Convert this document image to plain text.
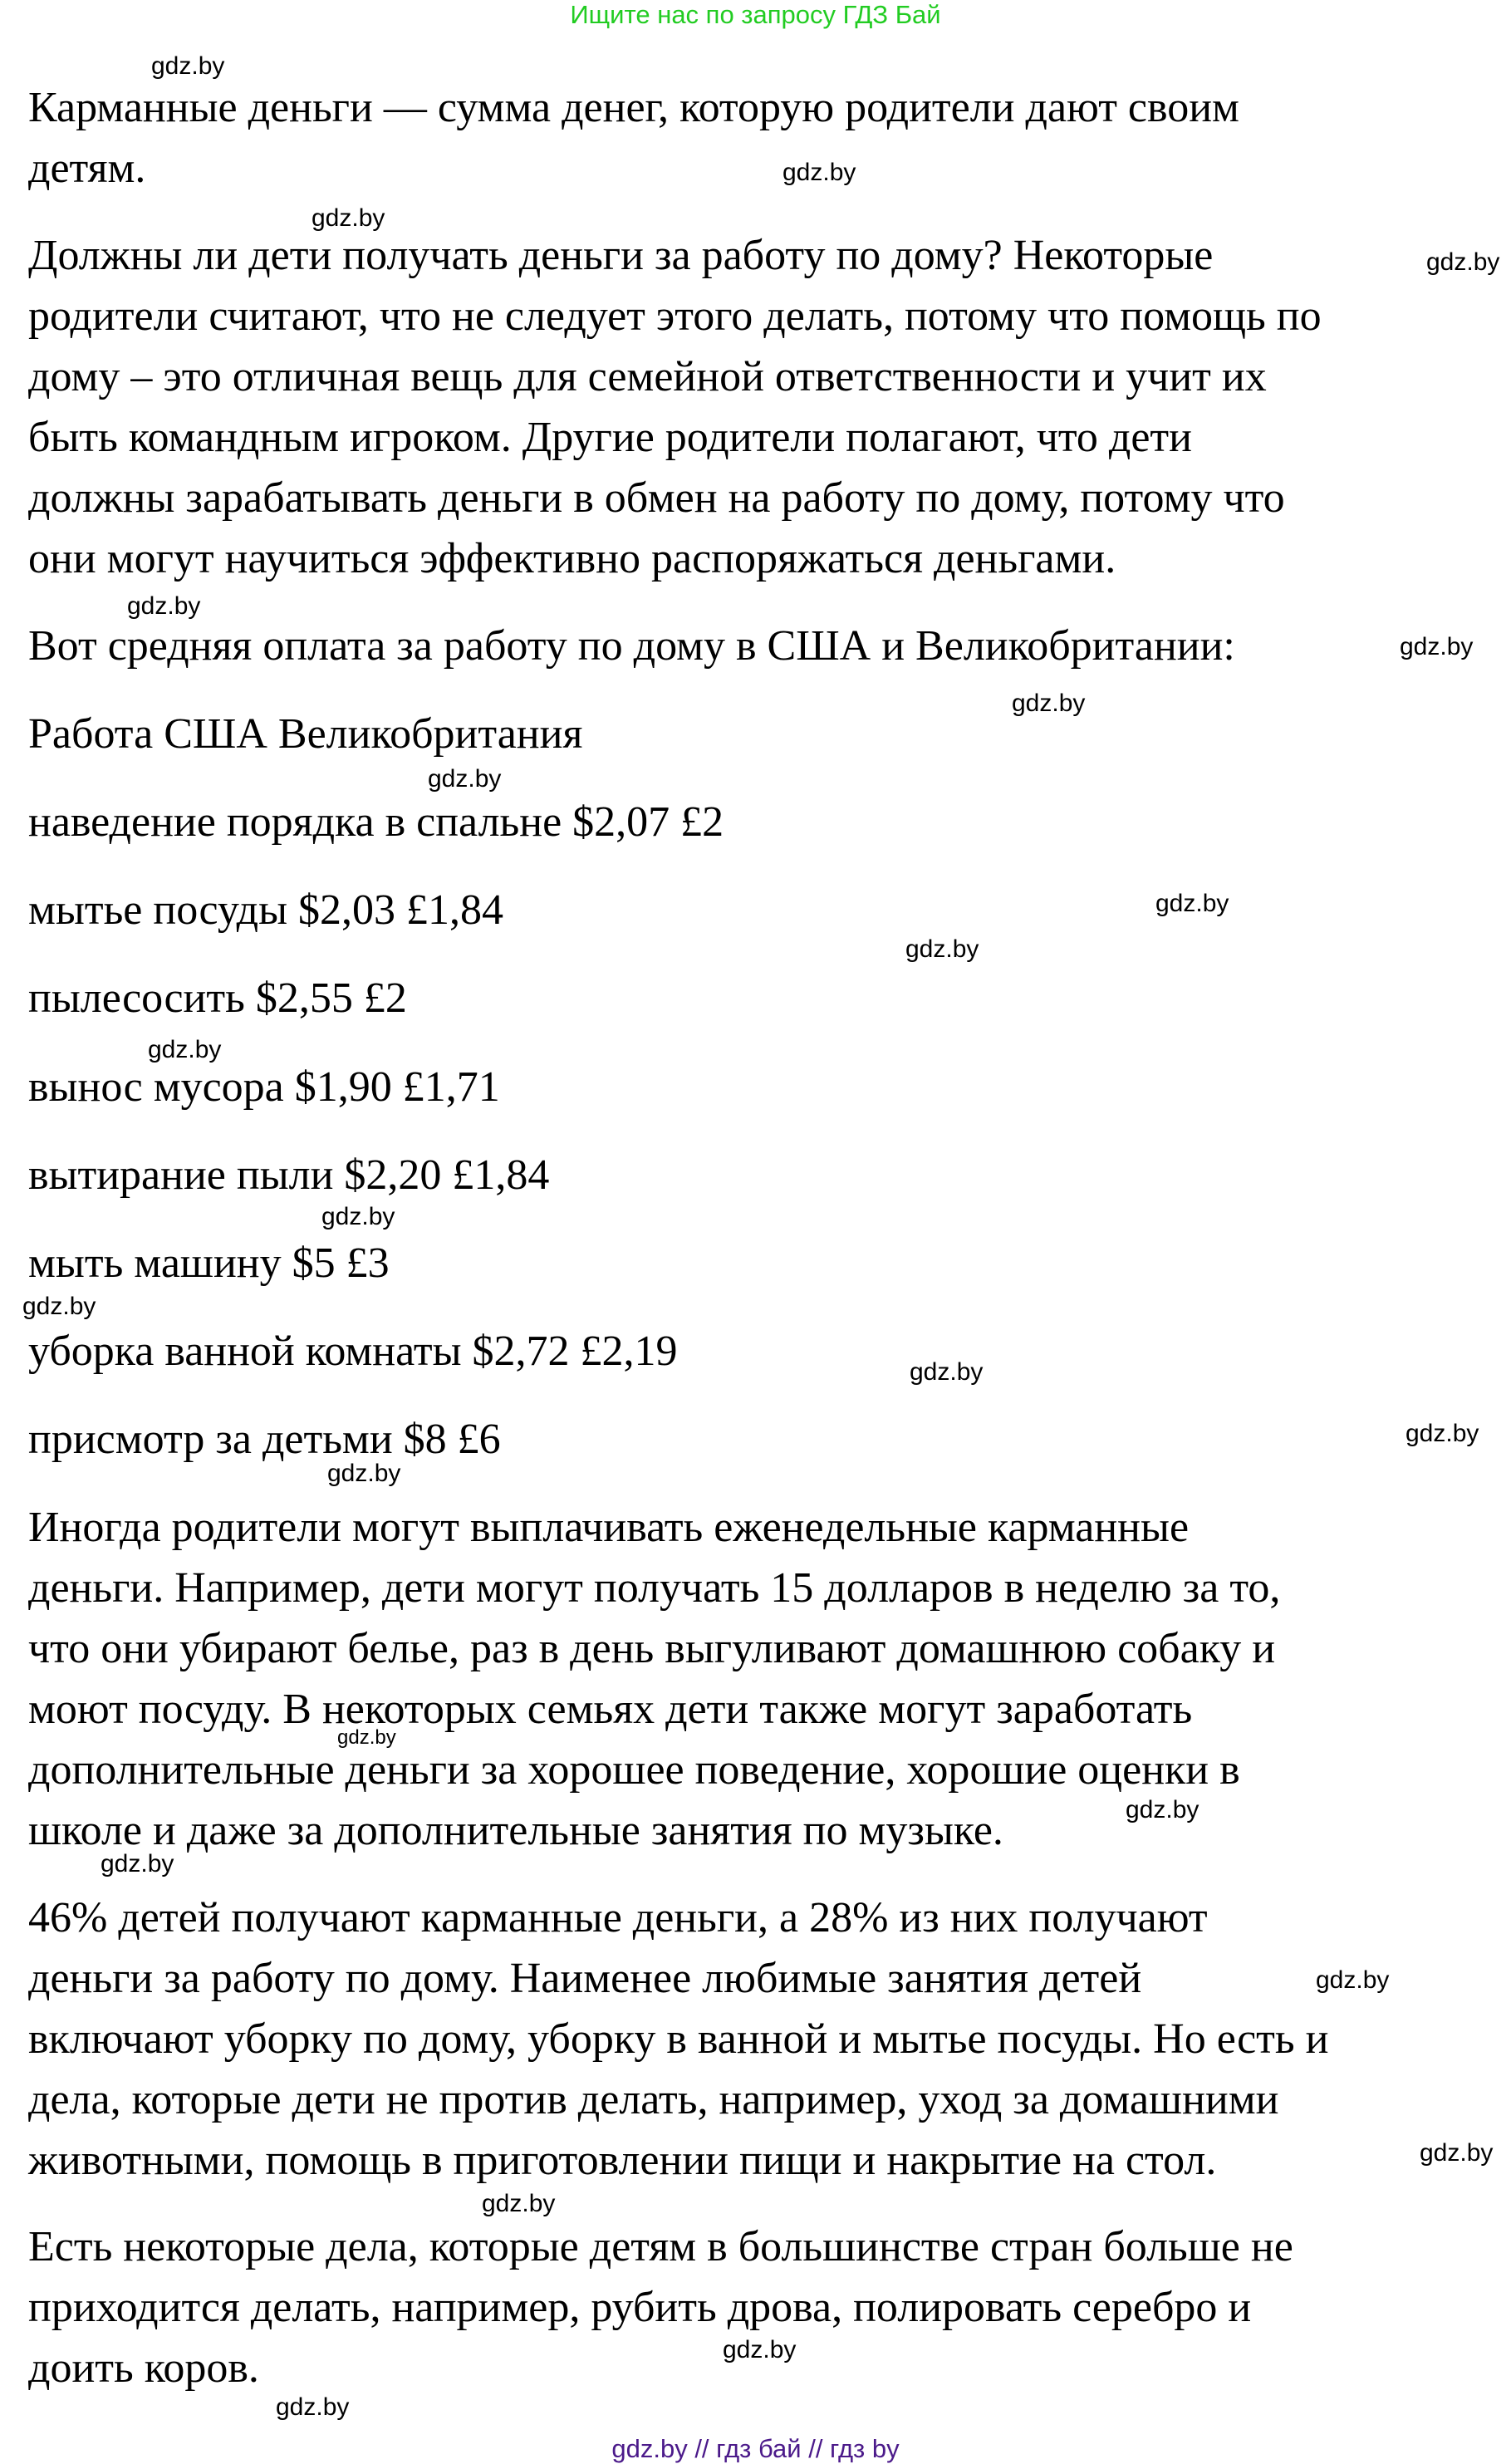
Ищите нас по запросу ГДЗ Бай
Карманные деньги — сумма денег, которую родители дают своим
детям.
Должны ли дети получать деньги за работу по дому? Некоторые
родители считают, что не следует этого делать, потому что помощь по
дому – это отличная вещь для семейной ответственности и учит их
быть командным игроком. Другие родители полагают, что дети
должны зарабатывать деньги в обмен на работу по дому, потому что
они могут научиться эффективно распоряжаться деньгами.
Вот средняя оплата за работу по дому в США и Великобритании:
Работа США Великобритания
наведение порядка в спальне $2,07 £2
мытье посуды $2,03 £1,84
пылесосить $2,55 £2
вынос мусора $1,90 £1,71
вытирание пыли $2,20 £1,84
мыть машину $5 £3
уборка ванной комнаты $2,72 £2,19
присмотр за детьми $8 £6
Иногда родители могут выплачивать еженедельные карманные
деньги. Например, дети могут получать 15 долларов в неделю за то,
что они убирают белье, раз в день выгуливают домашнюю собаку и
моют посуду. В некоторых семьях дети также могут заработать
дополнительные деньги за хорошее поведение, хорошие оценки в
школе и даже за дополнительные занятия по музыке.
46% детей получают карманные деньги, а 28% из них получают
деньги за работу по дому. Наименее любимые занятия детей
включают уборку по дому, уборку в ванной и мытье посуды. Но есть и
дела, которые дети не против делать, например, уход за домашними
животными, помощь в приготовлении пищи и накрытие на стол.
Есть некоторые дела, которые детям в большинстве стран больше не
приходится делать, например, рубить дрова, полировать серебро и
доить коров.
gdz.by
gdz.by
gdz.by
gdz.by
gdz.by
gdz.by
gdz.by
gdz.by
gdz.by
gdz.by
gdz.by
gdz.by
gdz.by
gdz.by
gdz.by
gdz.by
gdz.by
gdz.by
gdz.by
gdz.by
gdz.by
gdz.by
gdz.by
gdz.by
gdz.by // гдз бай // гдз by
